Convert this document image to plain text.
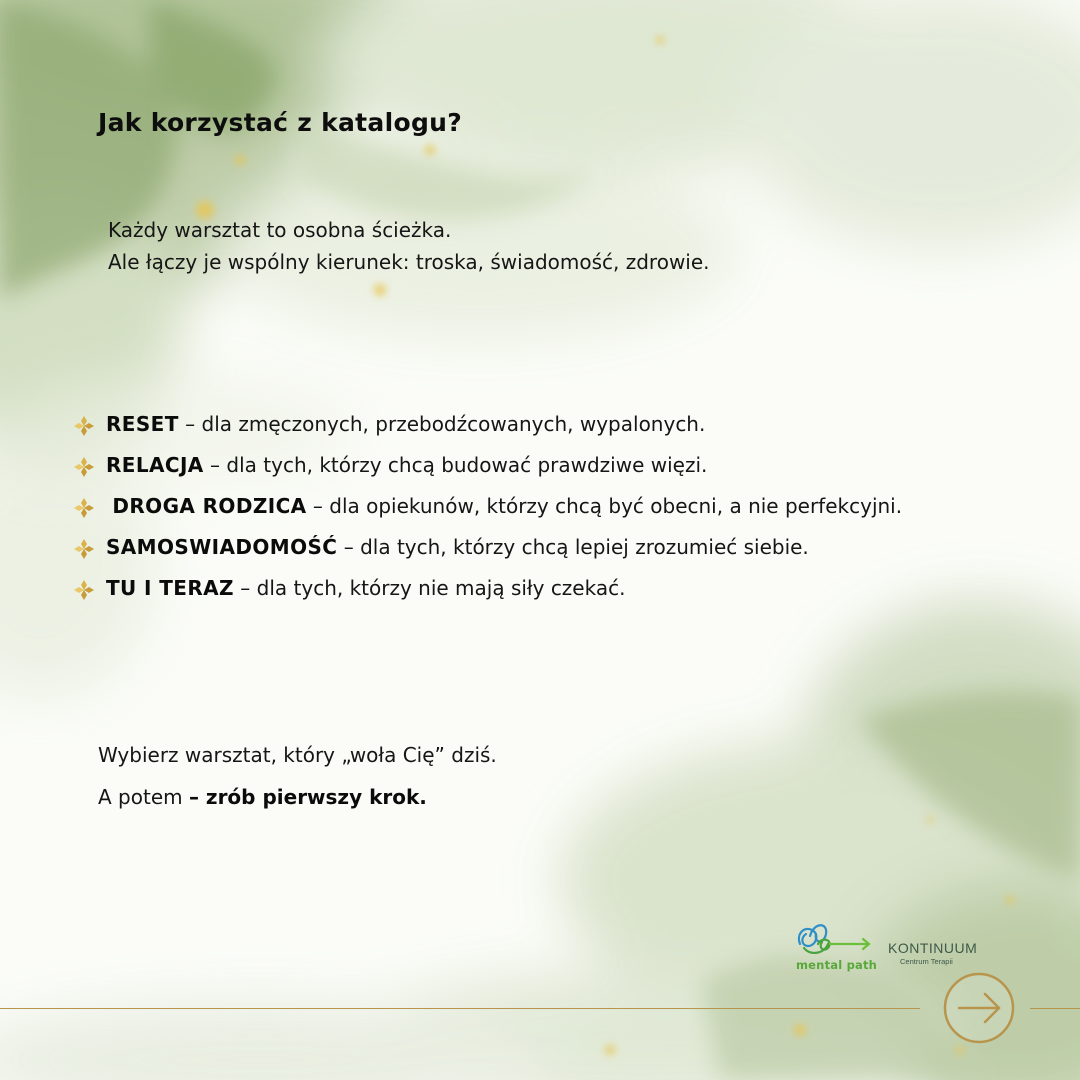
Jak korzystać z katalogu?
Każdy warsztat to osobna ścieżka.
Ale łączy je wspólny kierunek: troska, świadomość, zdrowie.
RESET – dla zmęczonych, przebodźcowanych, wypalonych.
RELACJA – dla tych, którzy chcą budować prawdziwe więzi.
DROGA RODZICA – dla opiekunów, którzy chcą być obecni, a nie perfekcyjni.
SAMOSWIADOMOŚĆ – dla tych, którzy chcą lepiej zrozumieć siebie.
TU I TERAZ – dla tych, którzy nie mają siły czekać.
Wybierz warsztat, który „woła Cię” dziś.
A potem – zrób pierwszy krok.
mental path
KONTINUUM
Centrum Terapii
